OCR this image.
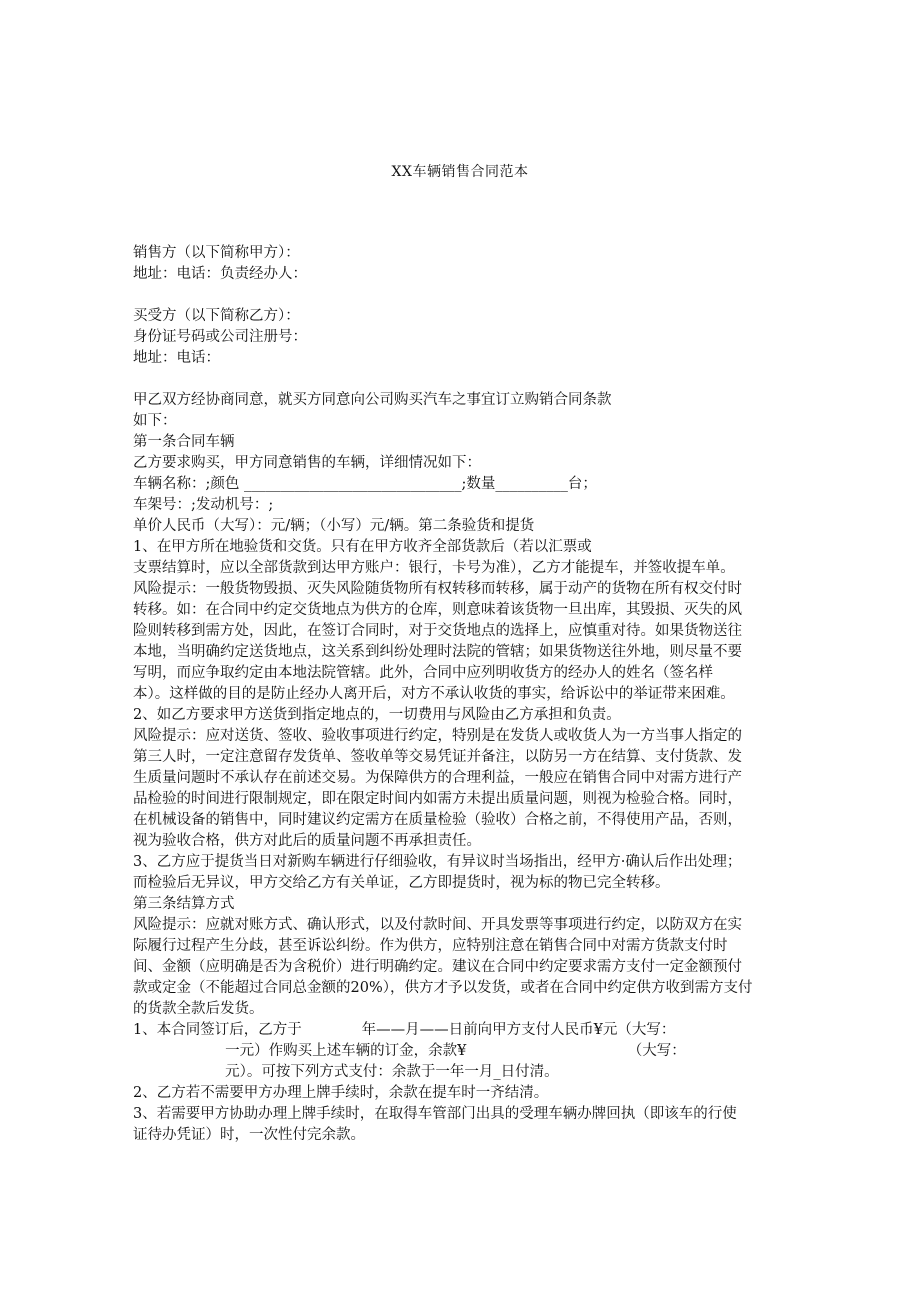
XX车辆销售合同范本
销售方（以下简称甲方）：
地址：电话：负责经办人：
买受方（以下简称乙方）：
身份证号码或公司注册号：
地址：电话：
甲乙双方经协商同意，就买方同意向公司购买汽车之事宜订立购销合同条款
如下：
第一条合同车辆
乙方要求购买，甲方同意销售的车辆，详细情况如下：
车辆名称：;颜色 ______________________________;数量__________台；
车架号：;发动机号：;
单价人民币（大写）：元/辆；（小写）元/辆。第二条验货和提货
1、在甲方所在地验货和交货。只有在甲方收齐全部货款后（若以汇票或
支票结算时，应以全部货款到达甲方账户：银行，卡号为准），乙方才能提车，并签收提车单。
风险提示：一般货物毁损、灭失风险随货物所有权转移而转移，属于动产的货物在所有权交付时
转移。如：在合同中约定交货地点为供方的仓库，则意味着该货物一旦出库，其毁损、灭失的风
险则转移到需方处，因此，在签订合同时，对于交货地点的选择上，应慎重对待。如果货物送往
本地，当明确约定送货地点，这关系到纠纷处理时法院的管辖；如果货物送往外地，则尽量不要
写明，而应争取约定由本地法院管辖。此外，合同中应列明收货方的经办人的姓名（签名样
本）。这样做的目的是防止经办人离开后，对方不承认收货的事实，给诉讼中的举证带来困难。
2、如乙方要求甲方送货到指定地点的，一切费用与风险由乙方承担和负责。
风险提示：应对送货、签收、验收事项进行约定，特别是在发货人或收货人为一方当事人指定的
第三人时，一定注意留存发货单、签收单等交易凭证并备注，以防另一方在结算、支付货款、发
生质量问题时不承认存在前述交易。为保障供方的合理利益，一般应在销售合同中对需方进行产
品检验的时间进行限制规定，即在限定时间内如需方未提出质量问题，则视为检验合格。同时，
在机械设备的销售中，同时建议约定需方在质量检验（验收）合格之前，不得使用产品，否则，
视为验收合格，供方对此后的质量问题不再承担责任。
3、乙方应于提货当日对新购车辆进行仔细验收，有异议时当场指出，经甲方·确认后作出处理；
而检验后无异议，甲方交给乙方有关单证，乙方即提货时，视为标的物已完全转移。
第三条结算方式
风险提示：应就对账方式、确认形式，以及付款时间、开具发票等事项进行约定，以防双方在实
际履行过程产生分歧，甚至诉讼纠纷。作为供方，应特别注意在销售合同中对需方货款支付时
间、金额（应明确是否为含税价）进行明确约定。建议在合同中约定要求需方支付一定金额预付
款或定金（不能超过合同总金额的20%），供方才予以发货，或者在合同中约定供方收到需方支付
的货款全款后发货。
1、本合同签订后，乙方于             年——月——日前向甲方支付人民币¥元（大写：
一元）作购买上述车辆的订金，余款¥                                   （大写：
元）。可按下列方式支付：余款于一年一月_日付清。
2、乙方若不需要甲方办理上牌手续时，余款在提车时一齐结清。
3、若需要甲方协助办理上牌手续时，在取得车管部门出具的受理车辆办牌回执（即该车的行使
证待办凭证）时，一次性付完余款。
